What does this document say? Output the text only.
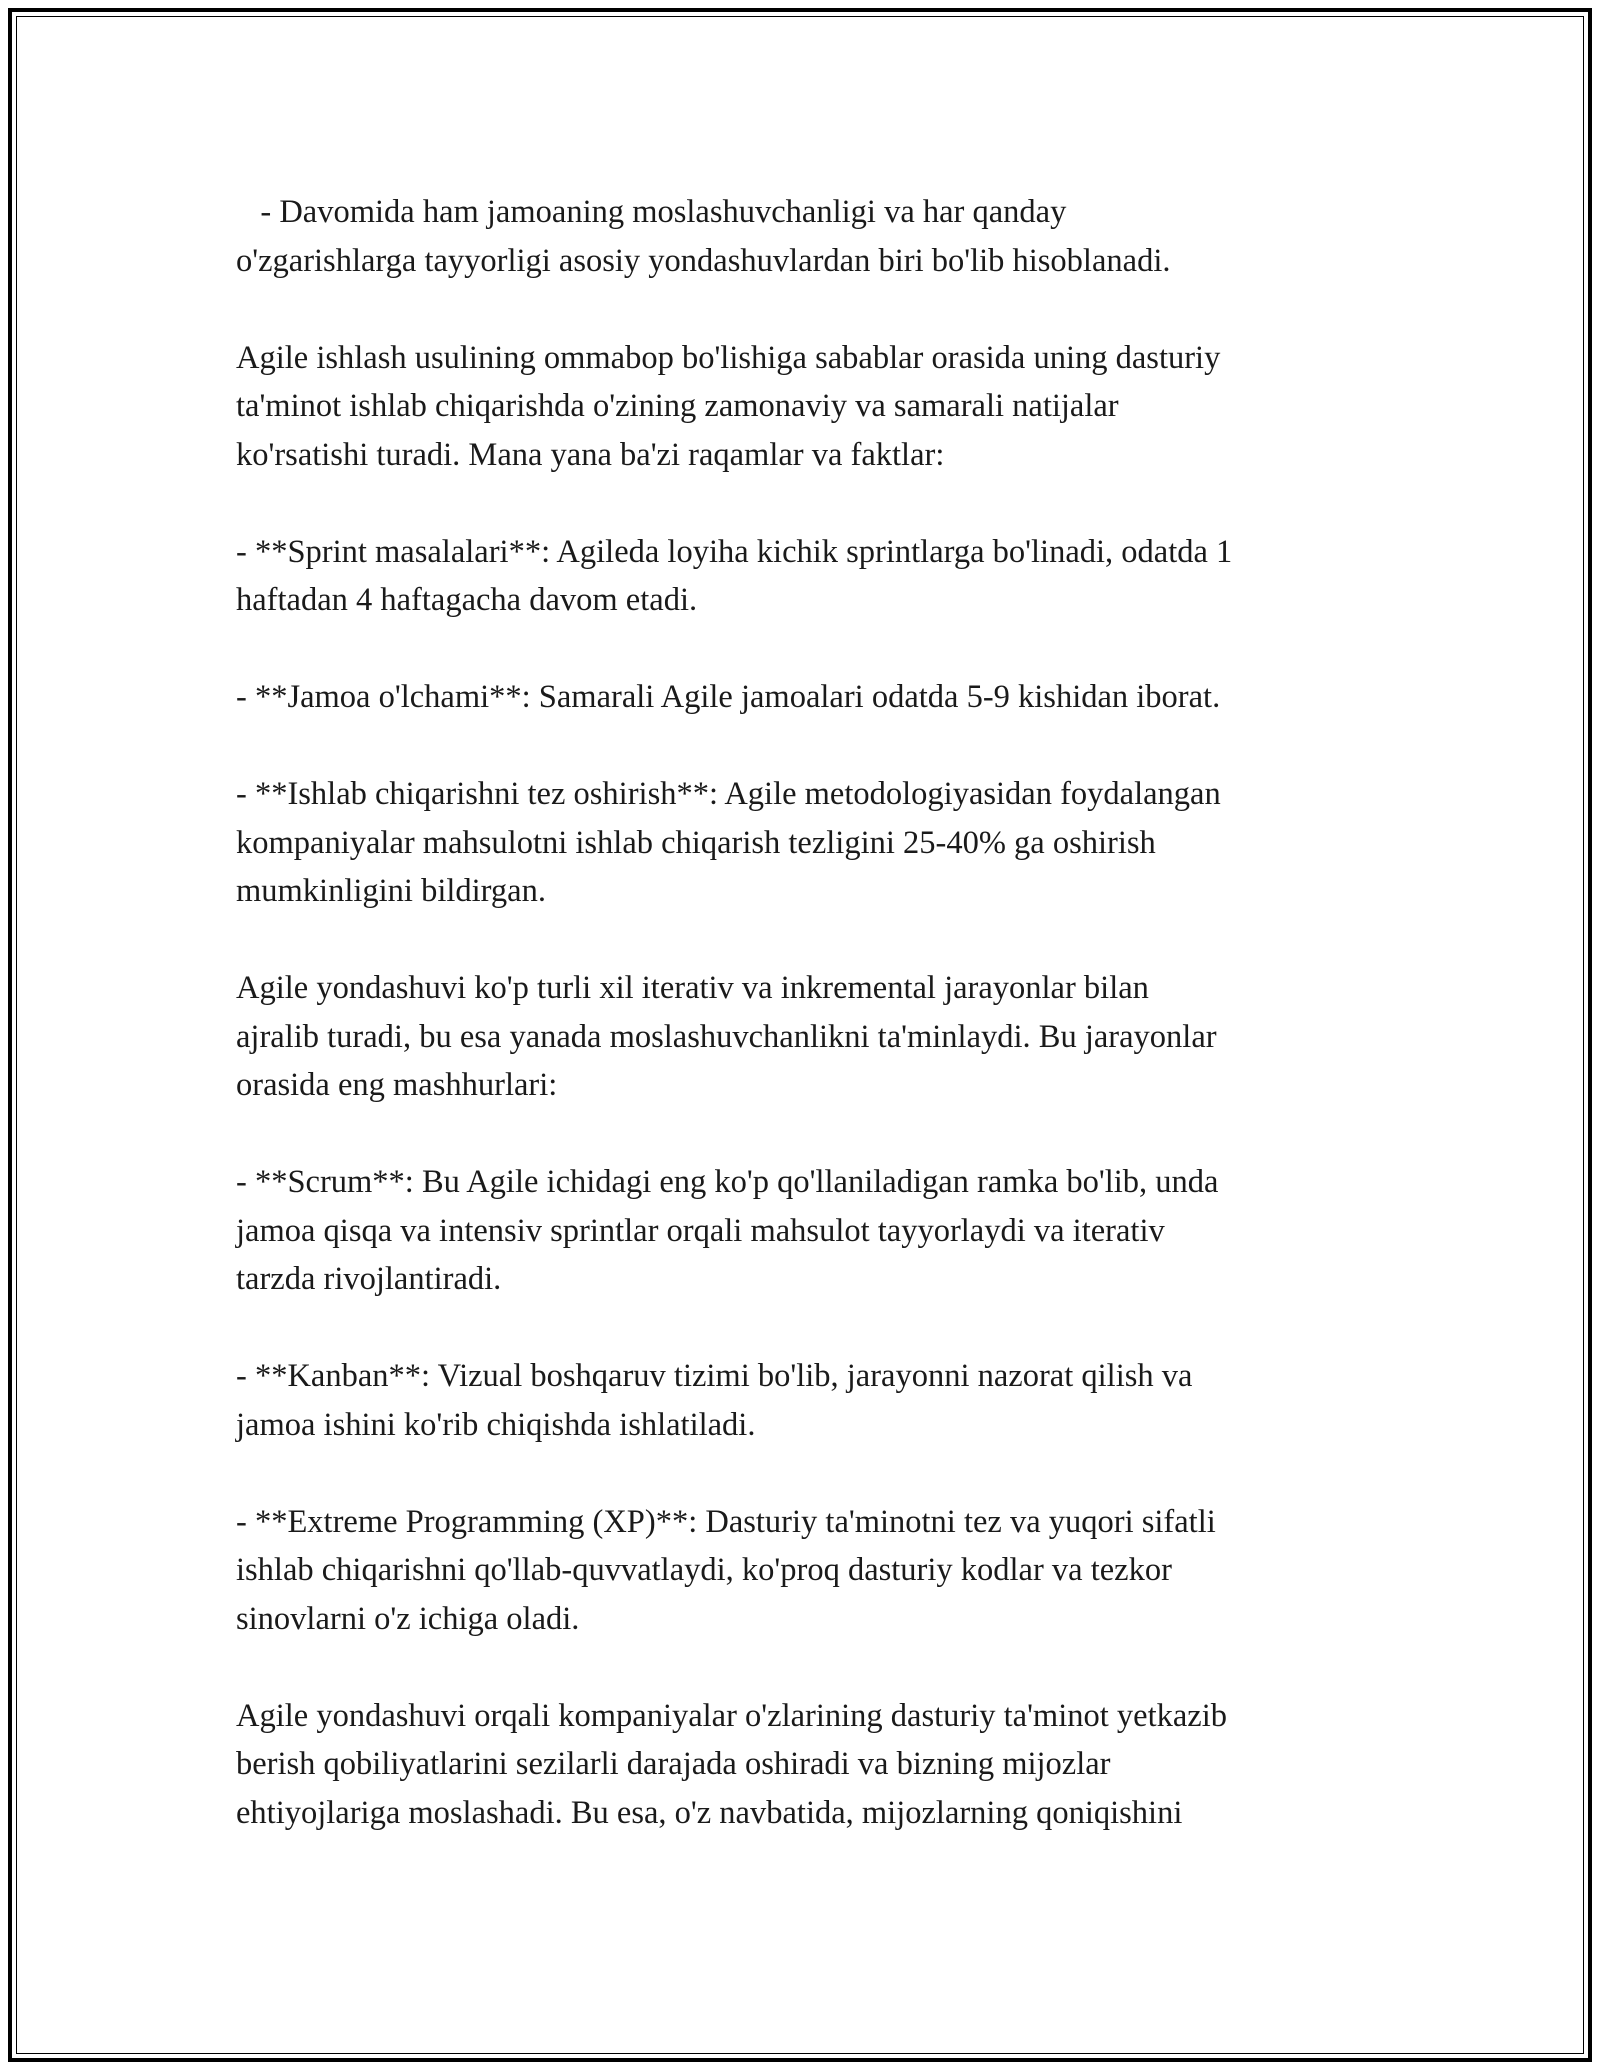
- Davomida ham jamoaning moslashuvchanligi va har qanday
o'zgarishlarga tayyorligi asosiy yondashuvlardan biri bo'lib hisoblanadi.

Agile ishlash usulining ommabop bo'lishiga sabablar orasida uning dasturiy
ta'minot ishlab chiqarishda o'zining zamonaviy va samarali natijalar
ko'rsatishi turadi. Mana yana ba'zi raqamlar va faktlar:

- **Sprint masalalari**: Agileda loyiha kichik sprintlarga bo'linadi, odatda 1
haftadan 4 haftagacha davom etadi.

- **Jamoa o'lchami**: Samarali Agile jamoalari odatda 5-9 kishidan iborat.

- **Ishlab chiqarishni tez oshirish**: Agile metodologiyasidan foydalangan
kompaniyalar mahsulotni ishlab chiqarish tezligini 25-40% ga oshirish
mumkinligini bildirgan.

Agile yondashuvi ko'p turli xil iterativ va inkremental jarayonlar bilan
ajralib turadi, bu esa yanada moslashuvchanlikni ta'minlaydi. Bu jarayonlar
orasida eng mashhurlari:

- **Scrum**: Bu Agile ichidagi eng ko'p qo'llaniladigan ramka bo'lib, unda
jamoa qisqa va intensiv sprintlar orqali mahsulot tayyorlaydi va iterativ
tarzda rivojlantiradi.

- **Kanban**: Vizual boshqaruv tizimi bo'lib, jarayonni nazorat qilish va
jamoa ishini ko'rib chiqishda ishlatiladi.

- **Extreme Programming (XP)**: Dasturiy ta'minotni tez va yuqori sifatli
ishlab chiqarishni qo'llab-quvvatlaydi, ko'proq dasturiy kodlar va tezkor
sinovlarni o'z ichiga oladi.

Agile yondashuvi orqali kompaniyalar o'zlarining dasturiy ta'minot yetkazib
berish qobiliyatlarini sezilarli darajada oshiradi va bizning mijozlar
ehtiyojlariga moslashadi. Bu esa, o'z navbatida, mijozlarning qoniqishini
